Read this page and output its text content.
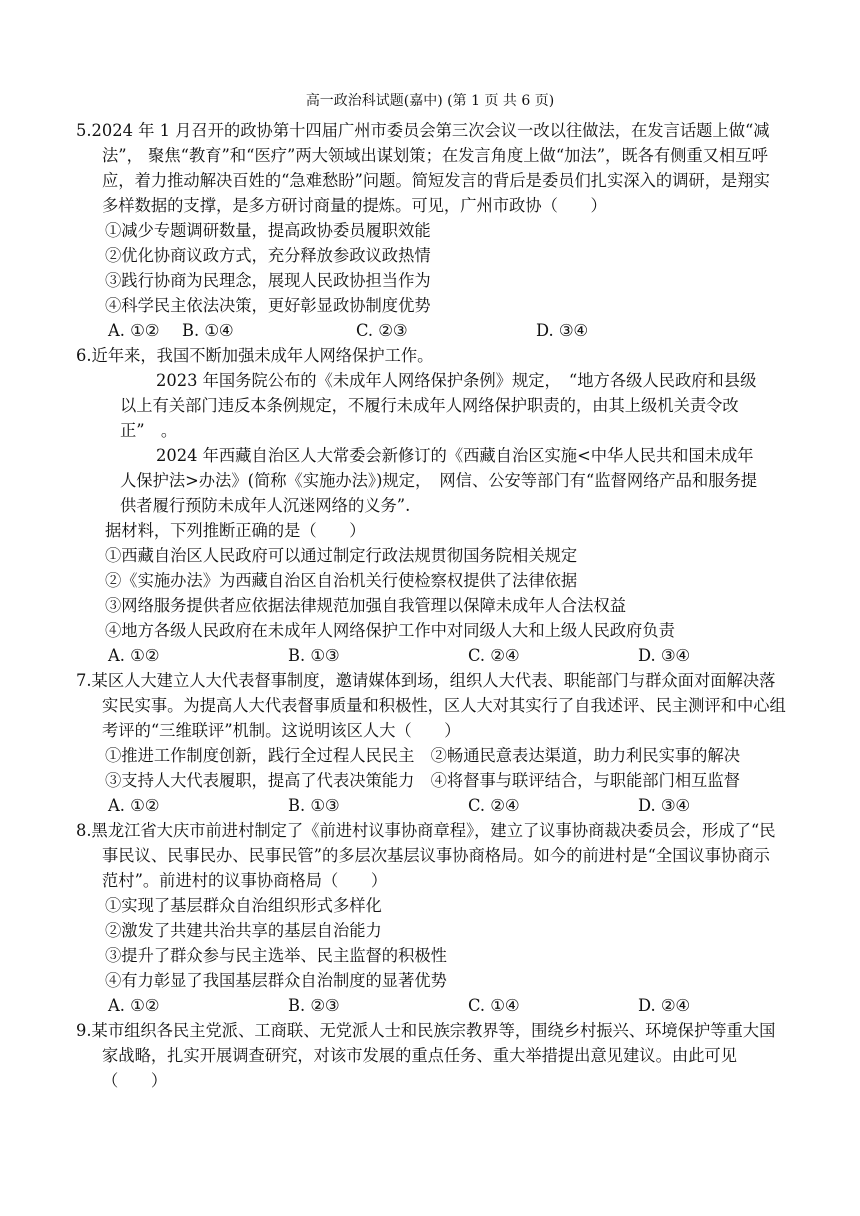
高一政治科试题(嘉中) (第 1 页 共 6 页)

5.2024 年 1 月召开的政协第十四届广州市委员会第三次会议一改以往做法，在发言话题上做“减法”， 聚焦“教育”和“医疗”两大领域出谋划策；在发言角度上做“加法”，既各有侧重又相互呼应，着力推动解决百姓的“急难愁盼”问题。简短发言的背后是委员们扎实深入的调研，是翔实多样数据的支撑，是多方研讨商量的提炼。可见，广州市政协（　　）

①减少专题调研数量，提高政协委员履职效能

②优化协商议政方式，充分释放参政议政热情

③践行协商为民理念，展现人民政协担当作为

④科学民主依法决策，更好彰显政协制度优势

A. ①② B. ①④	C. ②③	D. ③④

6.近年来，我国不断加强未成年人网络保护工作。

2023 年国务院公布的《未成年人网络保护条例》规定，　“地方各级人民政府和县级以上有关部门违反本条例规定，不履行未成年人网络保护职责的，由其上级机关责令改正”　。

2024 年西藏自治区人大常委会新修订的《西藏自治区实施<中华人民共和国未成年人保护法>办法》(简称《实施办法》)规定，　网信、公安等部门有“监督网络产品和服务提供者履行预防未成年人沉迷网络的义务”.

据材料，下列推断正确的是（　　）

①西藏自治区人民政府可以通过制定行政法规贯彻国务院相关规定

②《实施办法》为西藏自治区自治机关行使检察权提供了法律依据

③网络服务提供者应依据法律规范加强自我管理以保障未成年人合法权益

④地方各级人民政府在未成年人网络保护工作中对同级人大和上级人民政府负责

A. ①②	B. ①③	C. ②④	D. ③④

7.某区人大建立人大代表督事制度，邀请媒体到场，组织人大代表、职能部门与群众面对面解决落实民实事。为提高人大代表督事质量和积极性，区人大对其实行了自我述评、民主测评和中心组考评的“三维联评”机制。这说明该区人大（　　）

①推进工作制度创新，践行全过程人民民主　②畅通民意表达渠道，助力利民实事的解决

③支持人大代表履职，提高了代表决策能力　④将督事与联评结合，与职能部门相互监督

A. ①②	B. ①③	C. ②④	D. ③④

8.黑龙江省大庆市前进村制定了《前进村议事协商章程》，建立了议事协商裁决委员会，形成了“民事民议、民事民办、民事民管”的多层次基层议事协商格局。如今的前进村是“全国议事协商示范村”。前进村的议事协商格局（　　）

①实现了基层群众自治组织形式多样化

②激发了共建共治共享的基层自治能力

③提升了群众参与民主选举、民主监督的积极性

④有力彰显了我国基层群众自治制度的显著优势

A. ①②	B. ②③	C. ①④	D. ②④

9.某市组织各民主党派、工商联、无党派人士和民族宗教界等，围绕乡村振兴、环境保护等重大国家战略，扎实开展调查研究，对该市发展的重点任务、重大举措提出意见建议。由此可见（　　）
